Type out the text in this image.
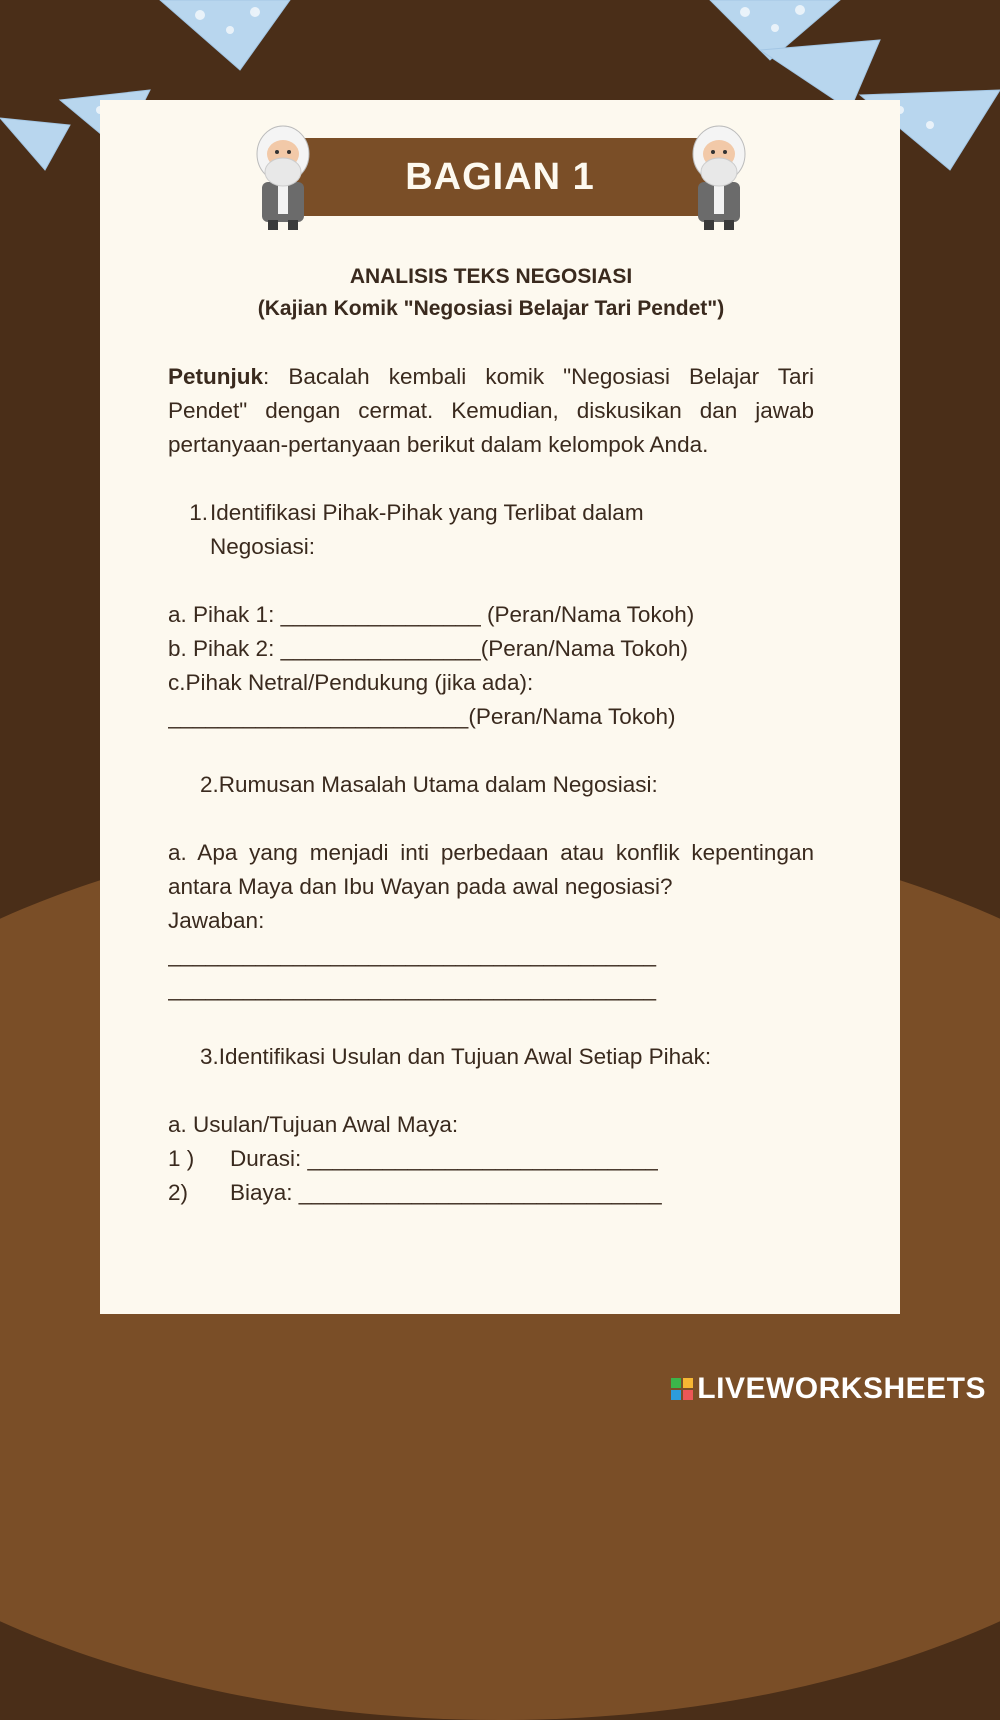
BAGIAN 1
ANALISIS TEKS NEGOSIASI
(Kajian Komik "Negosiasi Belajar Tari Pendet")
Petunjuk: Bacalah kembali komik "Negosiasi Belajar Tari Pendet" dengan cermat. Kemudian, diskusikan dan jawab pertanyaan-pertanyaan berikut dalam kelompok Anda.
1. Identifikasi Pihak-Pihak yang Terlibat dalam Negosiasi:
a. Pihak 1: ________________ (Peran/Nama Tokoh)
b. Pihak 2: ________________(Peran/Nama Tokoh)
c.Pihak Netral/Pendukung (jika ada):
________________________(Peran/Nama Tokoh)
2.Rumusan Masalah Utama dalam Negosiasi:
a. Apa yang menjadi inti perbedaan atau konflik kepentingan antara Maya dan Ibu Wayan pada awal negosiasi?
Jawaban:
_______________________________________
_______________________________________
3.Identifikasi Usulan dan Tujuan Awal Setiap Pihak:
a. Usulan/Tujuan Awal Maya:
1 )	Durasi: ____________________________
2)	Biaya: _____________________________
LIVEWORKSHEETS
